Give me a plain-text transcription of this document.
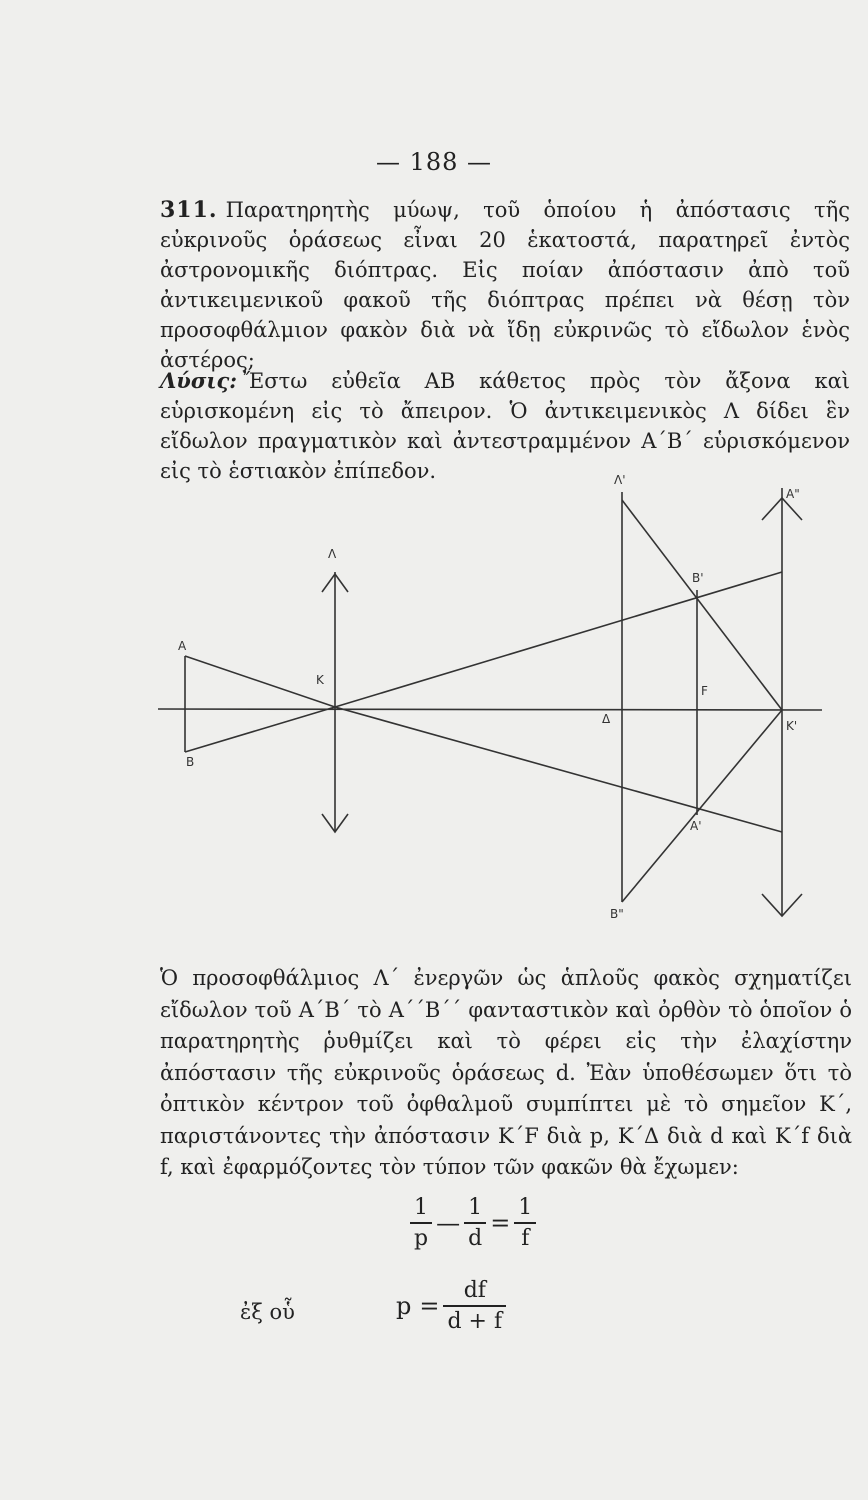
— 188 —
311. Παρατηρητὴς μύωψ, τοῦ ὁποίου ἡ ἀπόστασις τῆς εὐκρινοῦς ὁράσεως εἶναι 20 ἑκατοστά, παρατηρεῖ ἐντὸς ἀστρονομικῆς διόπτρας. Εἰς ποίαν ἀπόστασιν ἀπὸ τοῦ ἀντικειμενικοῦ φακοῦ τῆς διόπτρας πρέπει νὰ θέσῃ τὸν προσοφθάλμιον φακὸν διὰ νὰ ἴδῃ εὐκρινῶς τὸ εἴδωλον ἑνὸς ἀστέρος;
Λύσις: Ἔστω εὐθεῖα ΑΒ κάθετος πρὸς τὸν ἄξονα καὶ εὑρισκομένη εἰς τὸ ἄπειρον. Ὁ ἀντικειμενικὸς Λ δίδει ἓν εἴδωλον πραγματικὸν καὶ ἀντεστραμμένον Α΄Β΄ εὑρισκόμενον εἰς τὸ ἑστιακὸν ἐπίπεδον.
Λ
A
B
K
Λ'
A"
B'
F
Δ	K'
A'
B"
Ὁ προσοφθάλμιος Λ΄ ἐνεργῶν ὡς ἁπλοῦς φακὸς σχηματίζει εἴδωλον τοῦ Α΄Β΄ τὸ Α΄΄Β΄΄ φανταστικὸν καὶ ὀρθὸν τὸ ὁποῖον ὁ παρατηρητὴς ῥυθμίζει καὶ τὸ φέρει εἰς τὴν ἐλαχίστην ἀπόστασιν τῆς εὐκρινοῦς ὁράσεως d. Ἐὰν ὑποθέσωμεν ὅτι τὸ ὀπτικὸν κέντρον τοῦ ὀφθαλμοῦ συμπίπτει μὲ τὸ σημεῖον Κ΄, παριστάνοντες τὴν ἀπόστασιν Κ΄F διὰ p, Κ΄Δ διὰ d καὶ K΄f διὰ f, καὶ ἐφαρμόζοντες τὸν τύπον τῶν φακῶν θὰ ἔχωμεν:
$\frac{1}{p}$ — $\frac{1}{d} = \frac{1}{f}$
ἐξ οὗ	$p = \frac{df}{d + f}$
